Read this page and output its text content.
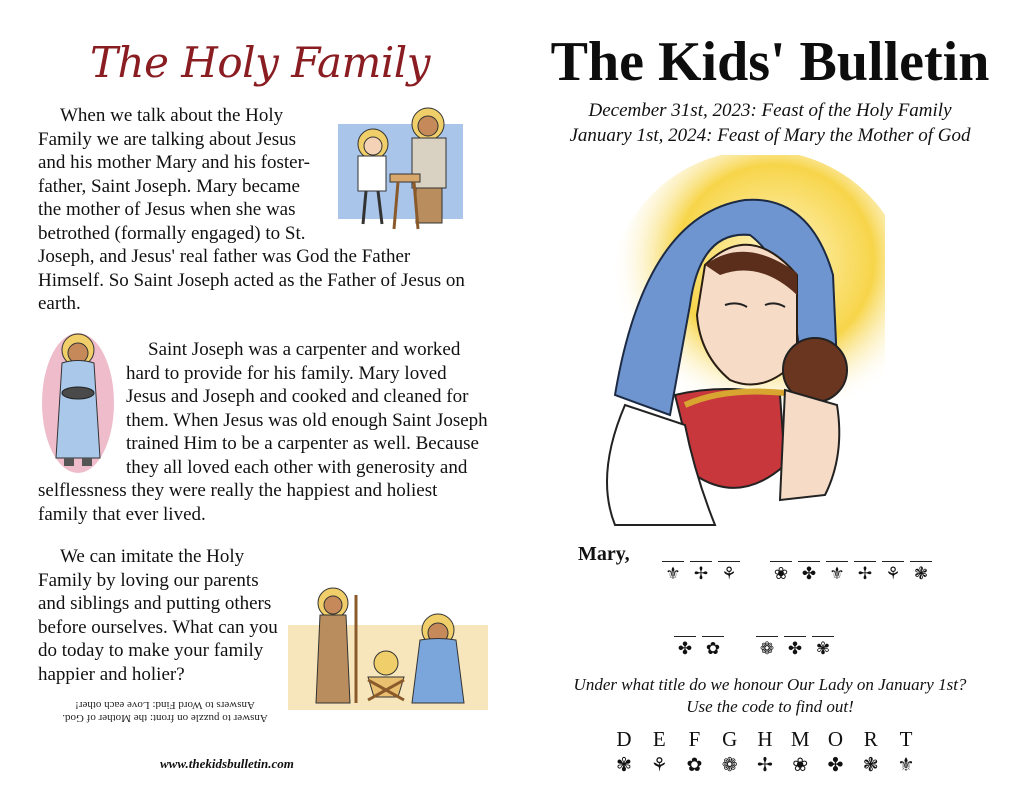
The Holy Family
When we talk about the Holy Family we are talking about Jesus and his mother Mary and his foster-father, Saint Joseph. Mary became the mother of Jesus when she was betrothed (formally engaged) to St. Joseph, and Jesus' real father was God the Father Himself. So Saint Joseph acted as the Father of Jesus on earth.
Saint Joseph was a carpenter and worked hard to provide for his family. Mary loved Jesus and Joseph and cooked and cleaned for them. When Jesus was old enough Saint Joseph trained Him to be a carpenter as well. Because they all loved each other with generosity and selflessness they were really the happiest and holiest family that ever lived.
We can imitate the Holy Family by loving our parents and siblings and putting others before ourselves. What can you do today to make your family happier and holier?
Answer to puzzle on front: the Mother of God.
Answers to Word Find: Love each other!
www.thekidsbulletin.com
The Kids' Bulletin
December 31st, 2023: Feast of the Holy Family
January 1st, 2024: Feast of Mary the Mother of God
Mary,
⚜ ✢ ⚘ ❀ ✤ ⚜ ✢ ⚘ ❃
✤ ✿ ❁ ✤ ✾
Under what title do we honour Our Lady on January 1st?
Use the code to find out!
D	E	F	G H M O R	T
✾ ⚘ ✿	❁	✢	❀	✤	❃ ⚜
